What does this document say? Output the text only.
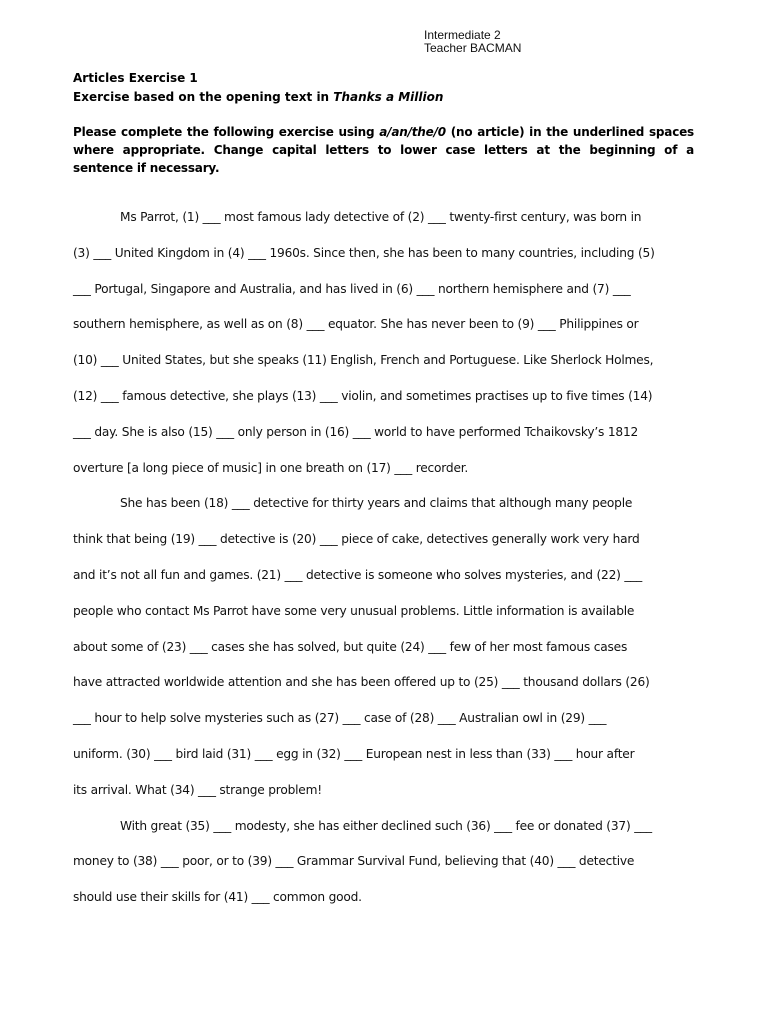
Intermediate 2
Teacher BACMAN
Articles Exercise 1
Exercise based on the opening text in Thanks a Million
Please complete the following exercise using a/an/the/0 (no article) in the underlined spaces where appropriate. Change capital letters to lower case letters at the beginning of a sentence if necessary.
Ms Parrot, (1) ___ most famous lady detective of (2) ___ twenty-first century, was born in
(3) ___ United Kingdom in (4) ___ 1960s. Since then, she has been to many countries, including (5)
___ Portugal, Singapore and Australia, and has lived in (6) ___ northern hemisphere and (7) ___
southern hemisphere, as well as on (8) ___ equator. She has never been to (9) ___ Philippines or
(10) ___ United States, but she speaks (11) English, French and Portuguese. Like Sherlock Holmes,
(12) ___ famous detective, she plays (13) ___ violin, and sometimes practises up to five times (14)
___ day. She is also (15) ___ only person in (16) ___ world to have performed Tchaikovsky’s 1812
overture [a long piece of music] in one breath on (17) ___ recorder.
She has been (18) ___ detective for thirty years and claims that although many people
think that being (19) ___ detective is (20) ___ piece of cake, detectives generally work very hard
and it’s not all fun and games. (21) ___ detective is someone who solves mysteries, and (22) ___
people who contact Ms Parrot have some very unusual problems. Little information is available
about some of (23) ___ cases she has solved, but quite (24) ___ few of her most famous cases
have attracted worldwide attention and she has been offered up to (25) ___ thousand dollars (26)
___ hour to help solve mysteries such as (27) ___ case of (28) ___ Australian owl in (29) ___
uniform. (30) ___ bird laid (31) ___ egg in (32) ___ European nest in less than (33) ___ hour after
its arrival. What (34) ___ strange problem!
With great (35) ___ modesty, she has either declined such (36) ___ fee or donated (37) ___
money to (38) ___ poor, or to (39) ___ Grammar Survival Fund, believing that (40) ___ detective
should use their skills for (41) ___ common good.
